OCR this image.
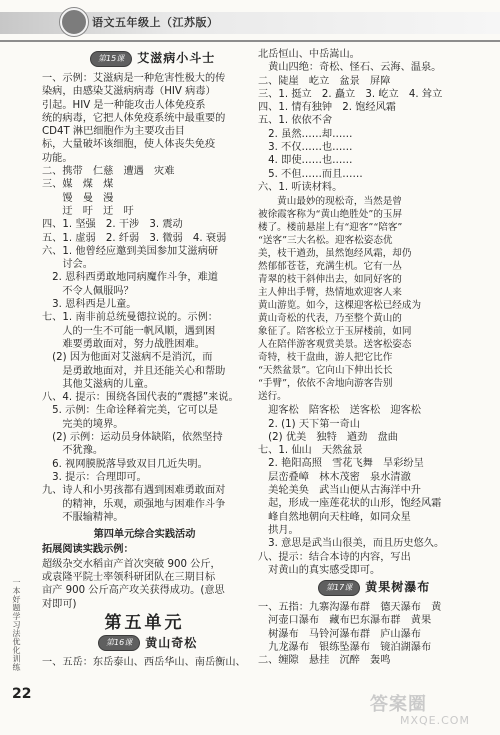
语文五年级上（江苏版）
一本好题学习法优化训练
22
第15课	艾滋病小斗士
一、示例：艾滋病是一种危害性极大的传
染病，由感染艾滋病病毒（HIV 病毒）
引起。HIV 是一种能攻击人体免疫系
统的病毒，它把人体免疫系统中最重要的
CD4T 淋巴细胞作为主要攻击目
标，大量破坏该细胞，使人体丧失免疫
功能。
二、携带　仁慈　遭遇　灾难
三、媒　煤　煤
　　馒　曼　漫
　　迂　吁　迂　吁
四、1. 坚强　2. 干涉　3. 震动
五、1. 虚弱　2. 纤弱　3. 微弱　4. 衰弱
六、1. 他曾经应邀到美国参加艾滋病研
　　讨会。
　2. 恩科西勇敢地同病魔作斗争，难道
　　不令人佩服吗？
　3. 恩科西是儿童。
七、1. 南非前总统曼德拉说的。示例：
　　人的一生不可能一帆风顺，遇到困
　　难要勇敢面对，努力战胜困难。
　(2) 因为他面对艾滋病不是消沉，而
　　是勇敢地面对，并且还能关心和帮助
　　其他艾滋病的儿童。
八、4. 提示：围绕各国代表的“震撼”来说。
　5. 示例：生命诠释着完美，它可以是
　　完美的境界。
　(2) 示例：运动员身体缺陷，依然坚持
　　不犹豫。
　6. 视网膜脱落导致双目几近失明。
　3. 提示：合理即可。
九、诗人和小男孩都有遇到困难勇敢面对
　　的精神，乐观，顽强地与困难作斗争
　　不服输精神。
第四单元综合实践活动
拓展阅读实践示例：
超级杂交水稻亩产首次突破 900 公斤，
或袁隆平院士率领科研团队在三期目标
亩产 900 公斤高产攻关获得成功。(意思
对即可)
第五单元
第16课	黄山奇松
一、五岳：东岳泰山、西岳华山、南岳衡山、
北岳恒山、中岳嵩山。
　黄山四绝：奇松、怪石、云海、温泉。
二、陡崖　屹立　盆景　屏障
三、1. 挺立　2. 矗立　3. 屹立　4. 耸立
四、1. 情有独钟　2. 饱经风霜
五、1. 依依不舍
　2. 虽然……却……
　3. 不仅……也……
　4. 即使……也……
　5. 不但……而且……
六、1. 听读材料。
　　黄山最妙的现松奇，当然是曾
被徐霞客称为“黄山绝胜处”的玉屏
楼了。楼前悬崖上有“迎客”“陪客”
“送客”三大名松。迎客松姿态优
美，枝干遒劲，虽然饱经风霜，却仍
然郁郁苍苍，充满生机。它有一丛
青翠的枝干斜伸出去，如同好客的
主人伸出手臂，热情地欢迎客人来
黄山游览。如今，这棵迎客松已经成为
黄山奇松的代表，乃至整个黄山的
象征了。陪客松立于玉屏楼前，如同
人在陪伴游客观赏美景。送客松姿态
奇特，枝干盘曲，游人把它比作
“天然盆景”。它向山下伸出长长
“手臂”，依依不舍地向游客告别
送行。
　迎客松　陪客松　送客松　迎客松
　2. (1) 天下第一奇山
　(2) 优美　独特　遒劲　盘曲
七、1. 仙山　天然盆景
　2. 艳阳高照　雪花飞舞　旱彩纷呈
　层峦叠嶂　林木茂密　泉水清澈
　美轮美奂　武当山便从古海洋中升
　起，形成一座莲花状的山形，饱经风霜
　峰自然地朝向天柱峰，如同众星
　拱月。
　3. 意思是武当山很美，而且历史悠久。
八、提示：结合本诗的内容，写出
　对黄山的真实感受即可。
第17课	黄果树瀑布
一、五指：九寨沟瀑布群　德天瀑布　黄
　河壶口瀑布　藏布巴东瀑布群　黄果
　树瀑布　马铃河瀑布群　庐山瀑布
　九龙瀑布　银练坠瀑布　镜泊湖瀑布
二、缠隙　悬挂　沉醉　轰鸣
答案圈
MXQE.COM
